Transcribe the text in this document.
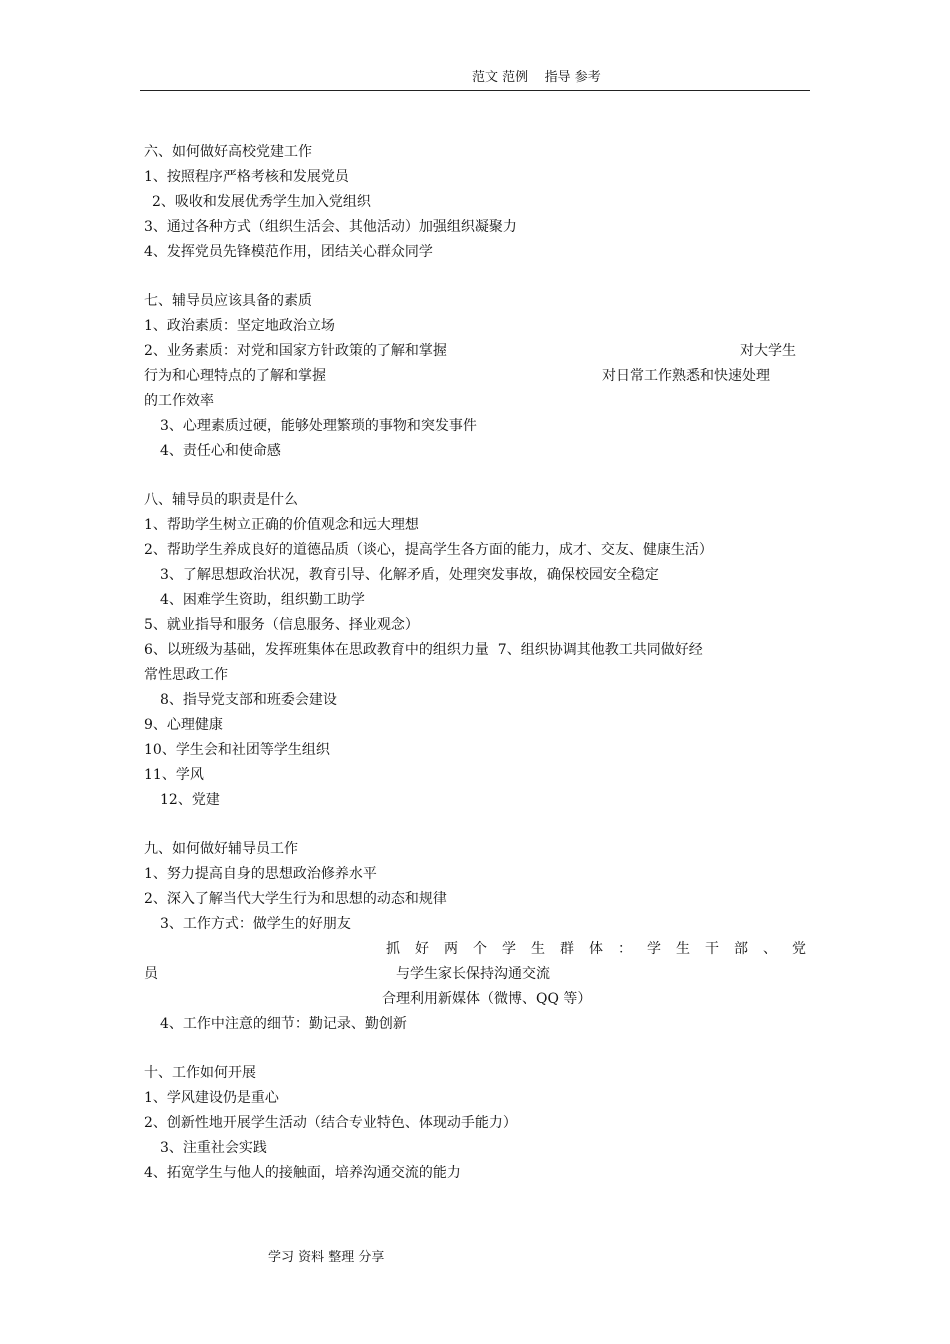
范文 范例    指导 参考
六、如何做好高校党建工作
1、按照程序严格考核和发展党员
2、吸收和发展优秀学生加入党组织
3、通过各种方式（组织生活会、其他活动）加强组织凝聚力
4、发挥党员先锋模范作用，团结关心群众同学
七、辅导员应该具备的素质
1、政治素质：坚定地政治立场
2、业务素质：对党和国家方针政策的了解和掌握	对大学生
行为和心理特点的了解和掌握	对日常工作熟悉和快速处理
的工作效率
3、心理素质过硬，能够处理繁琐的事物和突发事件
4、责任心和使命感
八、辅导员的职责是什么
1、帮助学生树立正确的价值观念和远大理想
2、帮助学生养成良好的道德品质（谈心，提高学生各方面的能力，成才、交友、健康生活）
3、了解思想政治状况，教育引导、化解矛盾，处理突发事故，确保校园安全稳定
4、困难学生资助，组织勤工助学
5、就业指导和服务（信息服务、择业观念）
6、以班级为基础，发挥班集体在思政教育中的组织力量  7、组织协调其他教工共同做好经
常性思政工作
8、指导党支部和班委会建设
9、心理健康
10、学生会和社团等学生组织
11、学风
12、党建
九、如何做好辅导员工作
1、努力提高自身的思想政治修养水平
2、深入了解当代大学生行为和思想的动态和规律
3、工作方式：做学生的好朋友
抓 好 两 个 学 生 群 体 ： 学 生 干 部 、 党
员	与学生家长保持沟通交流
合理利用新媒体（微博、QQ 等）
4、工作中注意的细节：勤记录、勤创新
十、工作如何开展
1、学风建设仍是重心
2、创新性地开展学生活动（结合专业特色、体现动手能力）
3、注重社会实践
4、拓宽学生与他人的接触面，培养沟通交流的能力
学习 资料 整理 分享
